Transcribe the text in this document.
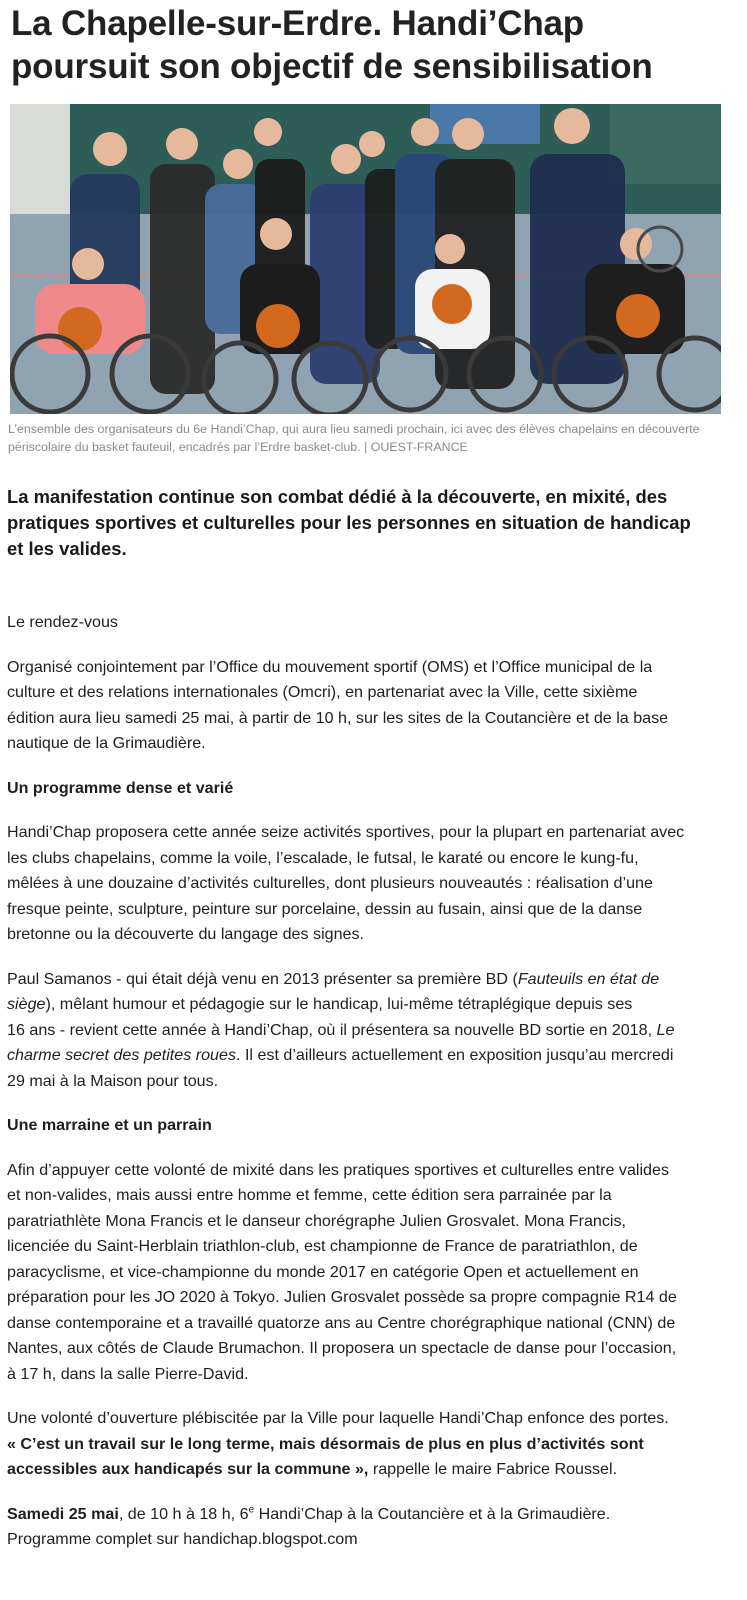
La Chapelle-sur-Erdre. Handi’Chap
poursuit son objectif de sensibilisation
L’ensemble des organisateurs du 6e Handi’Chap, qui aura lieu samedi prochain, ici avec des élèves chapelains en découverte
périscolaire du basket fauteuil, encadrés par l’Erdre basket-club. | OUEST-FRANCE
La manifestation continue son combat dédié à la découverte, en mixité, des
pratiques sportives et culturelles pour les personnes en situation de handicap
et les valides.

Le rendez-vous

Organisé conjointement par l’Office du mouvement sportif (OMS) et l’Office municipal de la
culture et des relations internationales (Omcri), en partenariat avec la Ville, cette sixième
édition aura lieu samedi 25 mai, à partir de 10 h, sur les sites de la Coutancière et de la base
nautique de la Grimaudière.

Un programme dense et varié

Handi’Chap proposera cette année seize activités sportives, pour la plupart en partenariat avec
les clubs chapelains, comme la voile, l’escalade, le futsal, le karaté ou encore le kung-fu,
mêlées à une douzaine d’activités culturelles, dont plusieurs nouveautés : réalisation d’une
fresque peinte, sculpture, peinture sur porcelaine, dessin au fusain, ainsi que de la danse
bretonne ou la découverte du langage des signes.

Paul Samanos - qui était déjà venu en 2013 présenter sa première BD (Fauteuils en état de
siège), mêlant humour et pédagogie sur le handicap, lui-même tétraplégique depuis ses
16 ans - revient cette année à Handi’Chap, où il présentera sa nouvelle BD sortie en 2018, Le
charme secret des petites roues. Il est d’ailleurs actuellement en exposition jusqu’au mercredi
29 mai à la Maison pour tous.

Une marraine et un parrain

Afin d’appuyer cette volonté de mixité dans les pratiques sportives et culturelles entre valides
et non-valides, mais aussi entre homme et femme, cette édition sera parrainée par la
paratriathlète Mona Francis et le danseur chorégraphe Julien Grosvalet. Mona Francis,
licenciée du Saint-Herblain triathlon-club, est championne de France de paratriathlon, de
paracyclisme, et vice-championne du monde 2017 en catégorie Open et actuellement en
préparation pour les JO 2020 à Tokyo. Julien Grosvalet possède sa propre compagnie R14 de
danse contemporaine et a travaillé quatorze ans au Centre chorégraphique national (CNN) de
Nantes, aux côtés de Claude Brumachon. Il proposera un spectacle de danse pour l’occasion,
à 17 h, dans la salle Pierre-David.

Une volonté d’ouverture plébiscitée par la Ville pour laquelle Handi’Chap enfonce des portes.
« C’est un travail sur le long terme, mais désormais de plus en plus d’activités sont
accessibles aux handicapés sur la commune », rappelle le maire Fabrice Roussel.

Samedi 25 mai, de 10 h à 18 h, 6e Handi’Chap à la Coutancière et à la Grimaudière.
Programme complet sur handichap.blogspot.com
